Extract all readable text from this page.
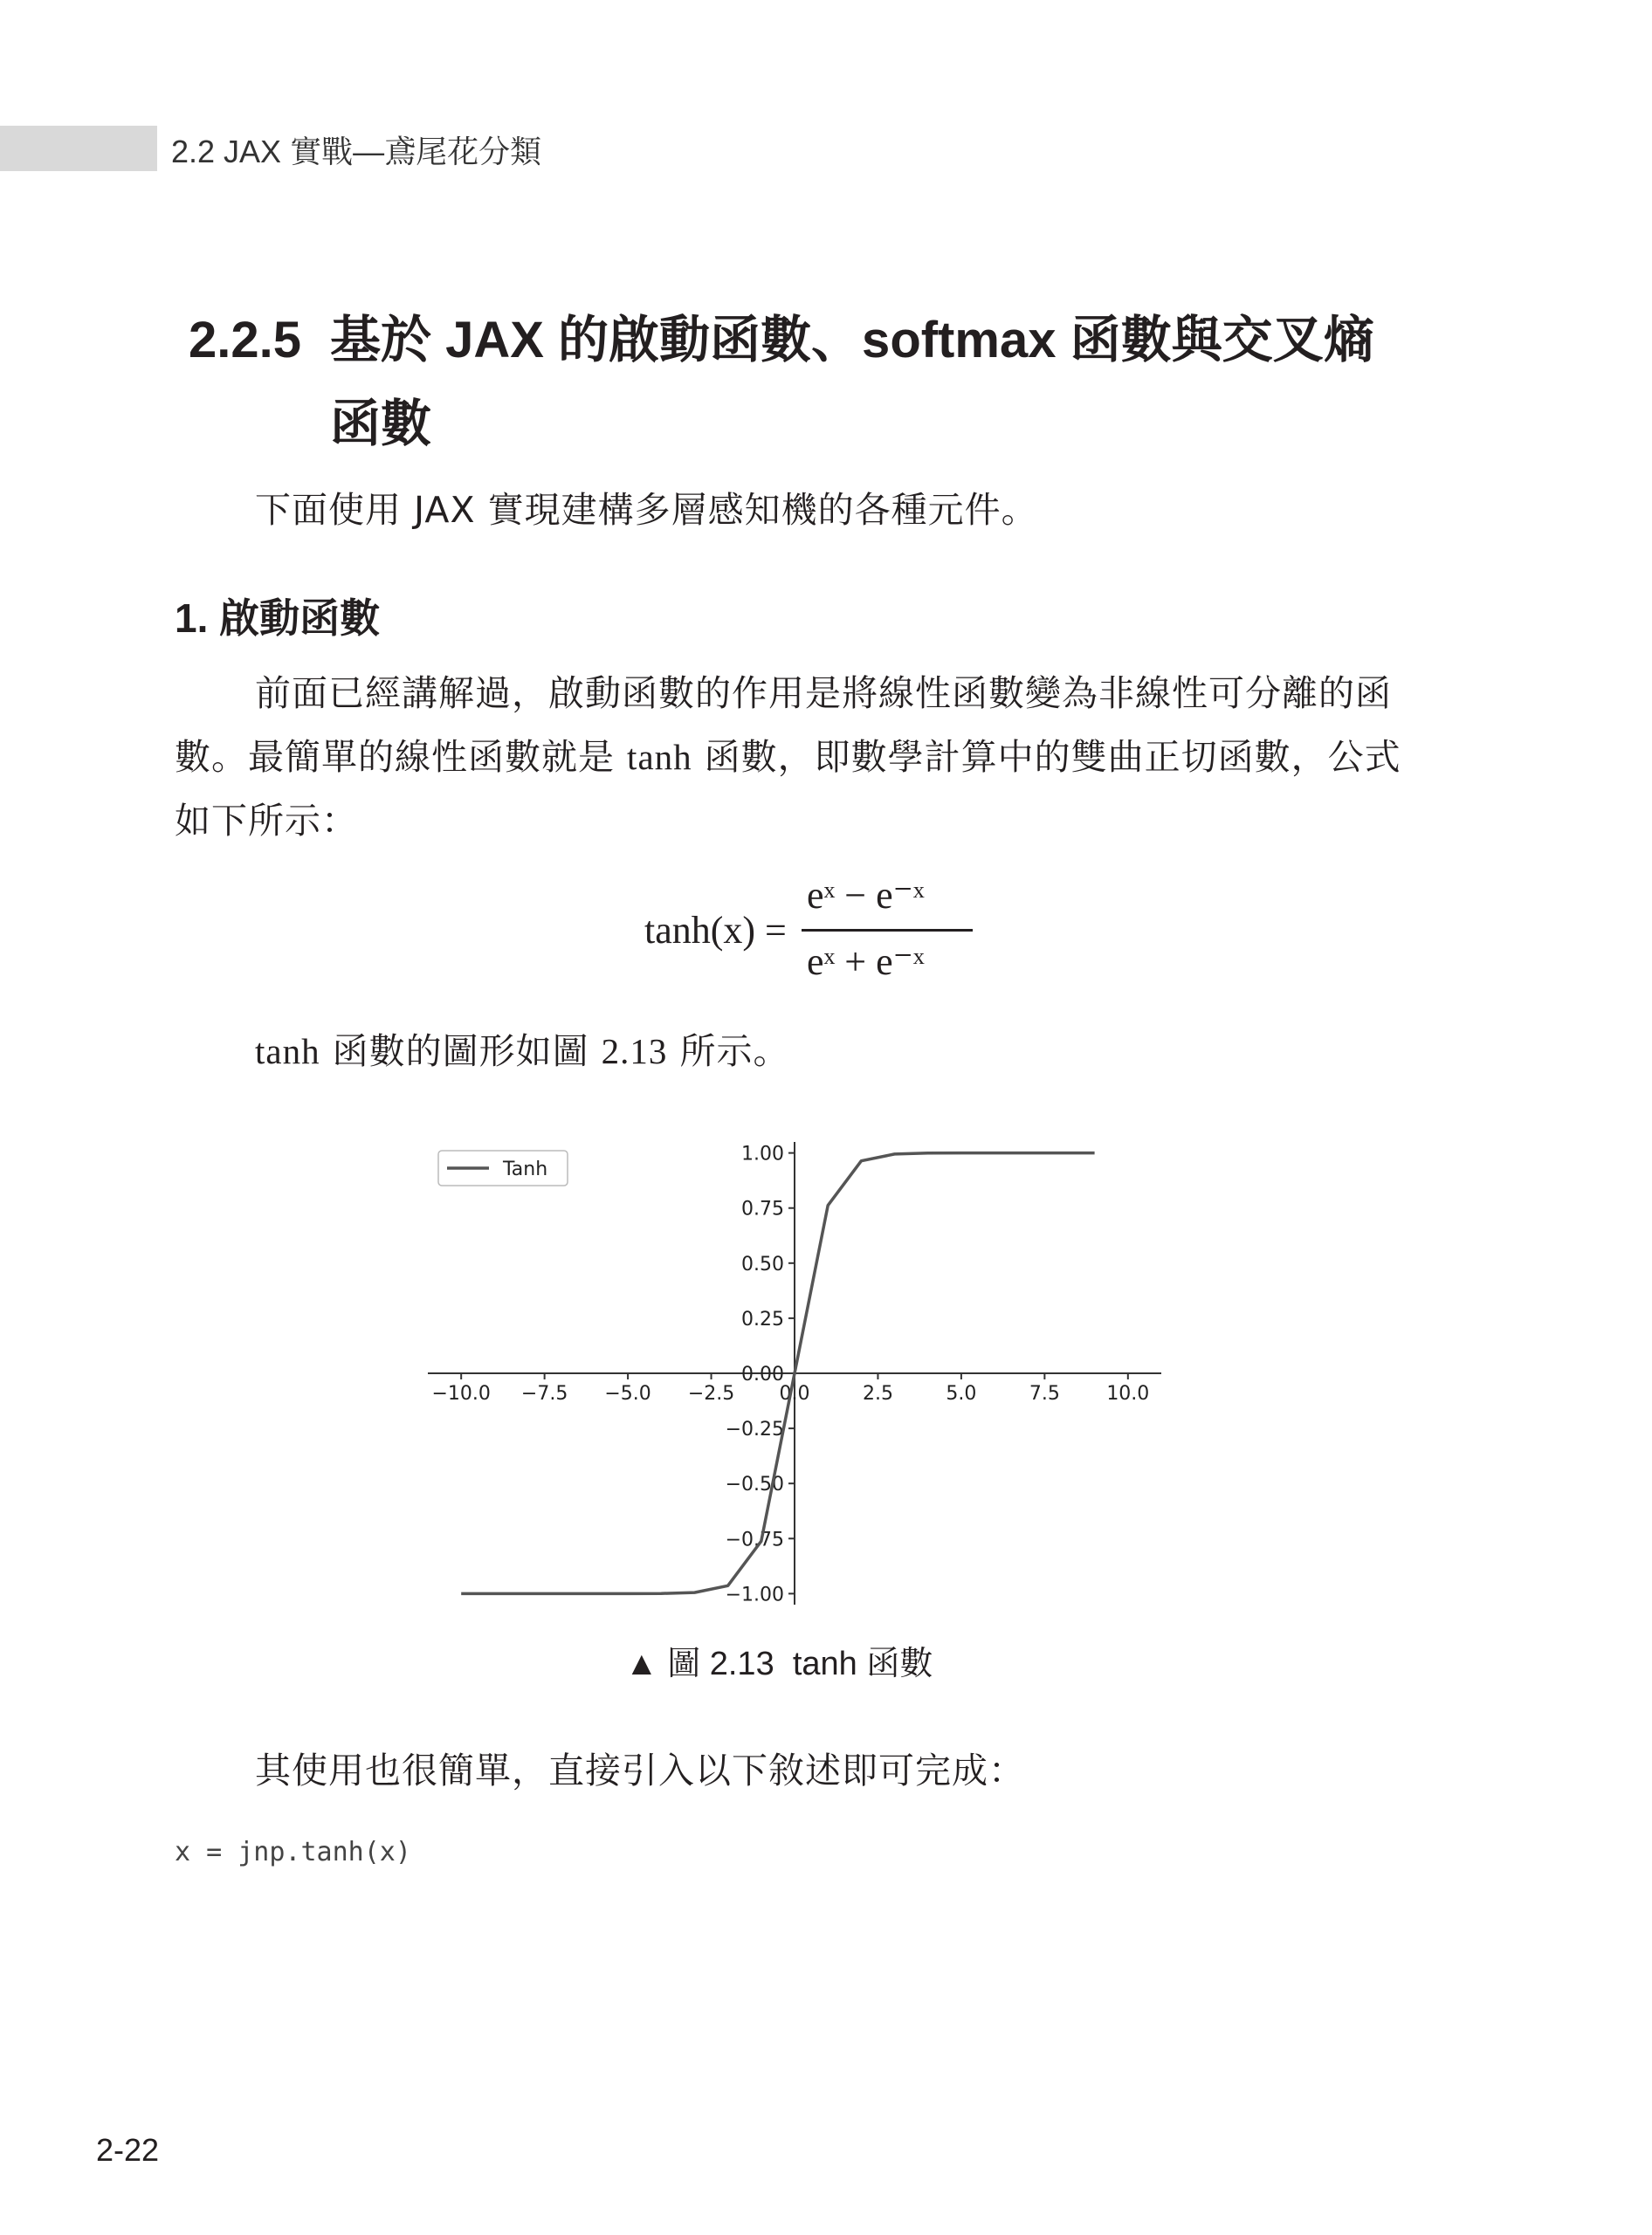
2.2 JAX 實戰—鳶尾花分類
2.2.5 基於 JAX 的啟動函數、softmax 函數與交叉熵
函數
下面使用 JAX 實現建構多層感知機的各種元件。
1. 啟動函數
前面已經講解過，啟動函數的作用是將線性函數變為非線性可分離的函數。最簡單的線性函數就是 tanh 函數，即數學計算中的雙曲正切函數，公式如下所示：
tanh(x) =
eˣ − e⁻ˣ
eˣ + e⁻ˣ
tanh 函數的圖形如圖 2.13 所示。
−10.0 −7.5 −5.0 −2.5 0.0	2.5	5.0	7.5 10.0
1.00
0.75
0.50
0.25
0.00
−0.25
−0.50
−0.75
−1.00
Tanh
▲ 圖 2.13 tanh 函數
其使用也很簡單，直接引入以下敘述即可完成：
x = jnp.tanh(x)
2-22
